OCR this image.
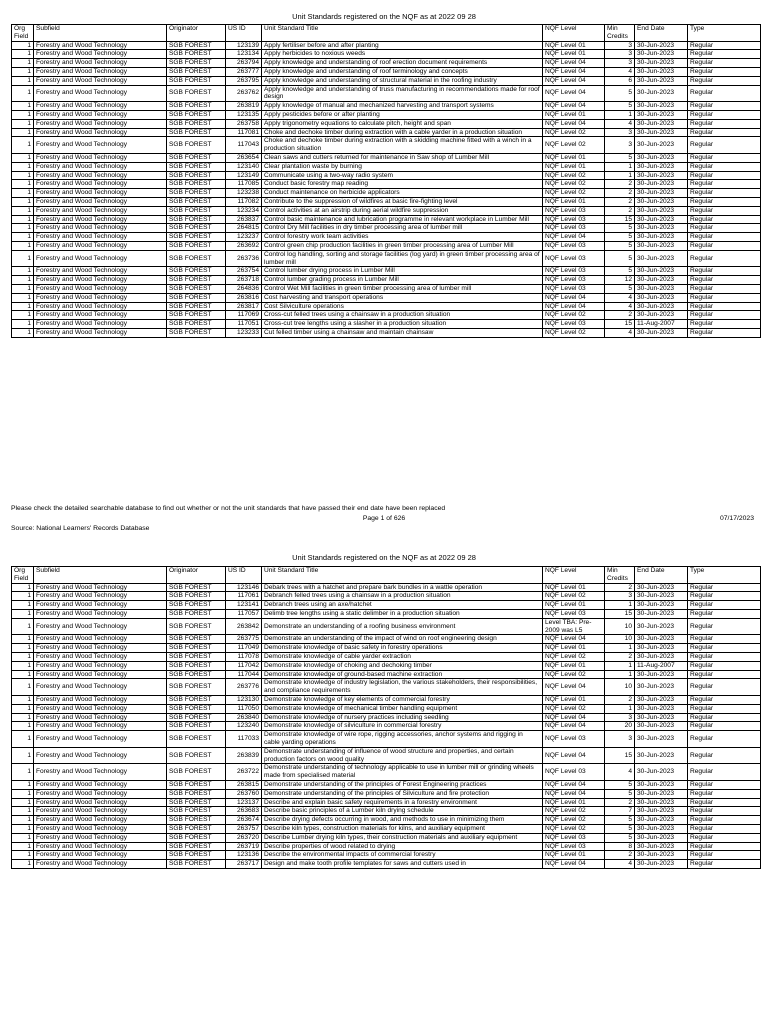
Unit Standards registered on the NQF as at 2022 09 28
Org Field	Subfield	Originator	US ID	Unit Standard Title	NQF Level	Min Credits	End Date	Type
1	Forestry and Wood Technology	SGB FOREST	123139	Apply fertiliser before and after planting	NQF Level 01	3	30-Jun-2023	Regular
1	Forestry and Wood Technology	SGB FOREST	123134	Apply herbicides to noxious weeds	NQF Level 01	3	30-Jun-2023	Regular
1	Forestry and Wood Technology	SGB FOREST	263794	Apply knowledge and understanding of roof erection document requirements	NQF Level 04	3	30-Jun-2023	Regular
1	Forestry and Wood Technology	SGB FOREST	263777	Apply knowledge and understanding of roof terminology and concepts	NQF Level 04	4	30-Jun-2023	Regular
1	Forestry and Wood Technology	SGB FOREST	263795	Apply knowledge and understanding of structural material in the roofing industry	NQF Level 04	6	30-Jun-2023	Regular
1	Forestry and Wood Technology	SGB FOREST	263762	Apply knowledge and understanding of truss manufacturing in recommendations made for roof design	NQF Level 04	5	30-Jun-2023	Regular
1	Forestry and Wood Technology	SGB FOREST	263819	Apply knowledge of manual and mechanized harvesting and transport systems	NQF Level 04	5	30-Jun-2023	Regular
1	Forestry and Wood Technology	SGB FOREST	123135	Apply pesticides before or after planting	NQF Level 01	1	30-Jun-2023	Regular
1	Forestry and Wood Technology	SGB FOREST	263758	Apply trigonometry equations to calculate pitch, height and span	NQF Level 04	4	30-Jun-2023	Regular
1	Forestry and Wood Technology	SGB FOREST	117081	Choke and dechoke timber during extraction with a cable yarder in a production situation	NQF Level 02	3	30-Jun-2023	Regular
1	Forestry and Wood Technology	SGB FOREST	117043	Choke and dechoke timber during extraction with a skidding machine fitted with a winch in a production situation	NQF Level 02	3	30-Jun-2023	Regular
1	Forestry and Wood Technology	SGB FOREST	263654	Clean saws and cutters returned for maintenance in Saw shop of Lumber Mill	NQF Level 01	5	30-Jun-2023	Regular
1	Forestry and Wood Technology	SGB FOREST	123140	Clear plantation waste by burning	NQF Level 01	1	30-Jun-2023	Regular
1	Forestry and Wood Technology	SGB FOREST	123149	Communicate using a two-way radio system	NQF Level 02	1	30-Jun-2023	Regular
1	Forestry and Wood Technology	SGB FOREST	117085	Conduct basic forestry map reading	NQF Level 02	2	30-Jun-2023	Regular
1	Forestry and Wood Technology	SGB FOREST	123238	Conduct maintenance on herbicide applicators	NQF Level 02	2	30-Jun-2023	Regular
1	Forestry and Wood Technology	SGB FOREST	117082	Contribute to the suppression of wildfires at basic fire-fighting level	NQF Level 01	2	30-Jun-2023	Regular
1	Forestry and Wood Technology	SGB FOREST	123234	Control activities at an airstrip during aerial wildfire suppression	NQF Level 03	2	30-Jun-2023	Regular
1	Forestry and Wood Technology	SGB FOREST	263837	Control basic maintenance and lubrication programme in relevant workplace in Lumber Mill	NQF Level 03	15	30-Jun-2023	Regular
1	Forestry and Wood Technology	SGB FOREST	264815	Control Dry Mill facilities in dry timber processing area of lumber mill	NQF Level 03	5	30-Jun-2023	Regular
1	Forestry and Wood Technology	SGB FOREST	123237	Control forestry work team activities	NQF Level 04	5	30-Jun-2023	Regular
1	Forestry and Wood Technology	SGB FOREST	263692	Control green chip production facilities in green timber processing area of Lumber Mill	NQF Level 03	5	30-Jun-2023	Regular
1	Forestry and Wood Technology	SGB FOREST	263736	Control log handling, sorting and storage facilities (log yard) in green timber processing area of lumber mill	NQF Level 03	5	30-Jun-2023	Regular
1	Forestry and Wood Technology	SGB FOREST	263754	Control lumber drying process in Lumber Mill	NQF Level 03	5	30-Jun-2023	Regular
1	Forestry and Wood Technology	SGB FOREST	263718	Control lumber grading process in Lumber Mill	NQF Level 03	12	30-Jun-2023	Regular
1	Forestry and Wood Technology	SGB FOREST	264836	Control Wet Mill facilities in green timber processing area of lumber mill	NQF Level 03	5	30-Jun-2023	Regular
1	Forestry and Wood Technology	SGB FOREST	263816	Cost harvesting and transport operations	NQF Level 04	4	30-Jun-2023	Regular
1	Forestry and Wood Technology	SGB FOREST	263817	Cost Silviculture operations	NQF Level 04	4	30-Jun-2023	Regular
1	Forestry and Wood Technology	SGB FOREST	117069	Cross-cut felled trees using a chainsaw in a production situation	NQF Level 02	2	30-Jun-2023	Regular
1	Forestry and Wood Technology	SGB FOREST	117051	Cross-cut tree lengths using a slasher in a production situation	NQF Level 03	15	11-Aug-2007	Regular
1	Forestry and Wood Technology	SGB FOREST	123233	Cut felled timber using a chainsaw and maintain chainsaw	NQF Level 02	4	30-Jun-2023	Regular
Please check the detailed searchable database to find out whether or not the unit standards that have passed their end date have been replaced
Page 1 of 626	07/17/2023
Source: National Learners' Records Database
Unit Standards registered on the NQF as at 2022 09 28
Org Field	Subfield	Originator	US ID	Unit Standard Title	NQF Level	Min Credits	End Date	Type
1	Forestry and Wood Technology	SGB FOREST	123146	Debark trees with a hatchet and prepare bark bundles in a wattle operation	NQF Level 01	2	30-Jun-2023	Regular
1	Forestry and Wood Technology	SGB FOREST	117061	Debranch felled trees using a chainsaw in a production situation	NQF Level 02	3	30-Jun-2023	Regular
1	Forestry and Wood Technology	SGB FOREST	123141	Debranch trees using an axe/hatchet	NQF Level 01	1	30-Jun-2023	Regular
1	Forestry and Wood Technology	SGB FOREST	117057	Delimb tree lengths using a static delimber in a production situation	NQF Level 03	15	30-Jun-2023	Regular
1	Forestry and Wood Technology	SGB FOREST	263842	Demonstrate an understanding of a roofing business environment	Level TBA: Pre-2009 was L5	10	30-Jun-2023	Regular
1	Forestry and Wood Technology	SGB FOREST	263775	Demonstrate an understanding of the impact of wind on roof engineering design	NQF Level 04	10	30-Jun-2023	Regular
1	Forestry and Wood Technology	SGB FOREST	117049	Demonstrate knowledge of basic safety in forestry operations	NQF Level 01	1	30-Jun-2023	Regular
1	Forestry and Wood Technology	SGB FOREST	117078	Demonstrate knowledge of cable yarder extraction	NQF Level 02	2	30-Jun-2023	Regular
1	Forestry and Wood Technology	SGB FOREST	117042	Demonstrate knowledge of choking and dechoking timber	NQF Level 01	1	11-Aug-2007	Regular
1	Forestry and Wood Technology	SGB FOREST	117044	Demonstrate knowledge of ground-based machine extraction	NQF Level 02	1	30-Jun-2023	Regular
1	Forestry and Wood Technology	SGB FOREST	263776	Demonstrate knowledge of industry legislation, the various stakeholders, their responsibilities, and compliance requirements	NQF Level 04	10	30-Jun-2023	Regular
1	Forestry and Wood Technology	SGB FOREST	123130	Demonstrate knowledge of key elements of commercial forestry	NQF Level 01	2	30-Jun-2023	Regular
1	Forestry and Wood Technology	SGB FOREST	117050	Demonstrate knowledge of mechanical timber handling equipment	NQF Level 02	1	30-Jun-2023	Regular
1	Forestry and Wood Technology	SGB FOREST	263840	Demonstrate knowledge of nursery practices including seedling	NQF Level 04	3	30-Jun-2023	Regular
1	Forestry and Wood Technology	SGB FOREST	123240	Demonstrate knowledge of silviculture in commercial forestry	NQF Level 04	20	30-Jun-2023	Regular
1	Forestry and Wood Technology	SGB FOREST	117033	Demonstrate knowledge of wire rope, rigging accessories, anchor systems and rigging in cable yarding operations	NQF Level 03	3	30-Jun-2023	Regular
1	Forestry and Wood Technology	SGB FOREST	263839	Demonstrate understanding of influence of wood structure and properties, and certain production factors on wood quality	NQF Level 04	15	30-Jun-2023	Regular
1	Forestry and Wood Technology	SGB FOREST	263722	Demonstrate understanding of technology applicable to use in lumber mill or grinding wheels made from specialised material	NQF Level 03	4	30-Jun-2023	Regular
1	Forestry and Wood Technology	SGB FOREST	263815	Demonstrate understanding of the principles of Forest Engineering practices	NQF Level 04	5	30-Jun-2023	Regular
1	Forestry and Wood Technology	SGB FOREST	263760	Demonstrate understanding of the principles of Silviculture and fire protection	NQF Level 04	5	30-Jun-2023	Regular
1	Forestry and Wood Technology	SGB FOREST	123137	Describe and explain basic safety requirements in a forestry environment	NQF Level 01	2	30-Jun-2023	Regular
1	Forestry and Wood Technology	SGB FOREST	263683	Describe basic principles of a Lumber kiln drying schedule	NQF Level 02	7	30-Jun-2023	Regular
1	Forestry and Wood Technology	SGB FOREST	263674	Describe drying defects occurring in wood, and methods to use in minimizing them	NQF Level 02	5	30-Jun-2023	Regular
1	Forestry and Wood Technology	SGB FOREST	263757	Describe kiln types, construction materials for kilns, and auxiliary equipment	NQF Level 02	5	30-Jun-2023	Regular
1	Forestry and Wood Technology	SGB FOREST	263720	Describe Lumber drying kiln types, their construction materials and auxiliary equipment	NQF Level 03	5	30-Jun-2023	Regular
1	Forestry and Wood Technology	SGB FOREST	263719	Describe properties of wood related to drying	NQF Level 03	8	30-Jun-2023	Regular
1	Forestry and Wood Technology	SGB FOREST	123136	Describe the environmental impacts of commercial forestry	NQF Level 01	2	30-Jun-2023	Regular
1	Forestry and Wood Technology	SGB FOREST	263717	Design and make tooth profile templates for saws and cutters used in	NQF Level 04	4	30-Jun-2023	Regular
